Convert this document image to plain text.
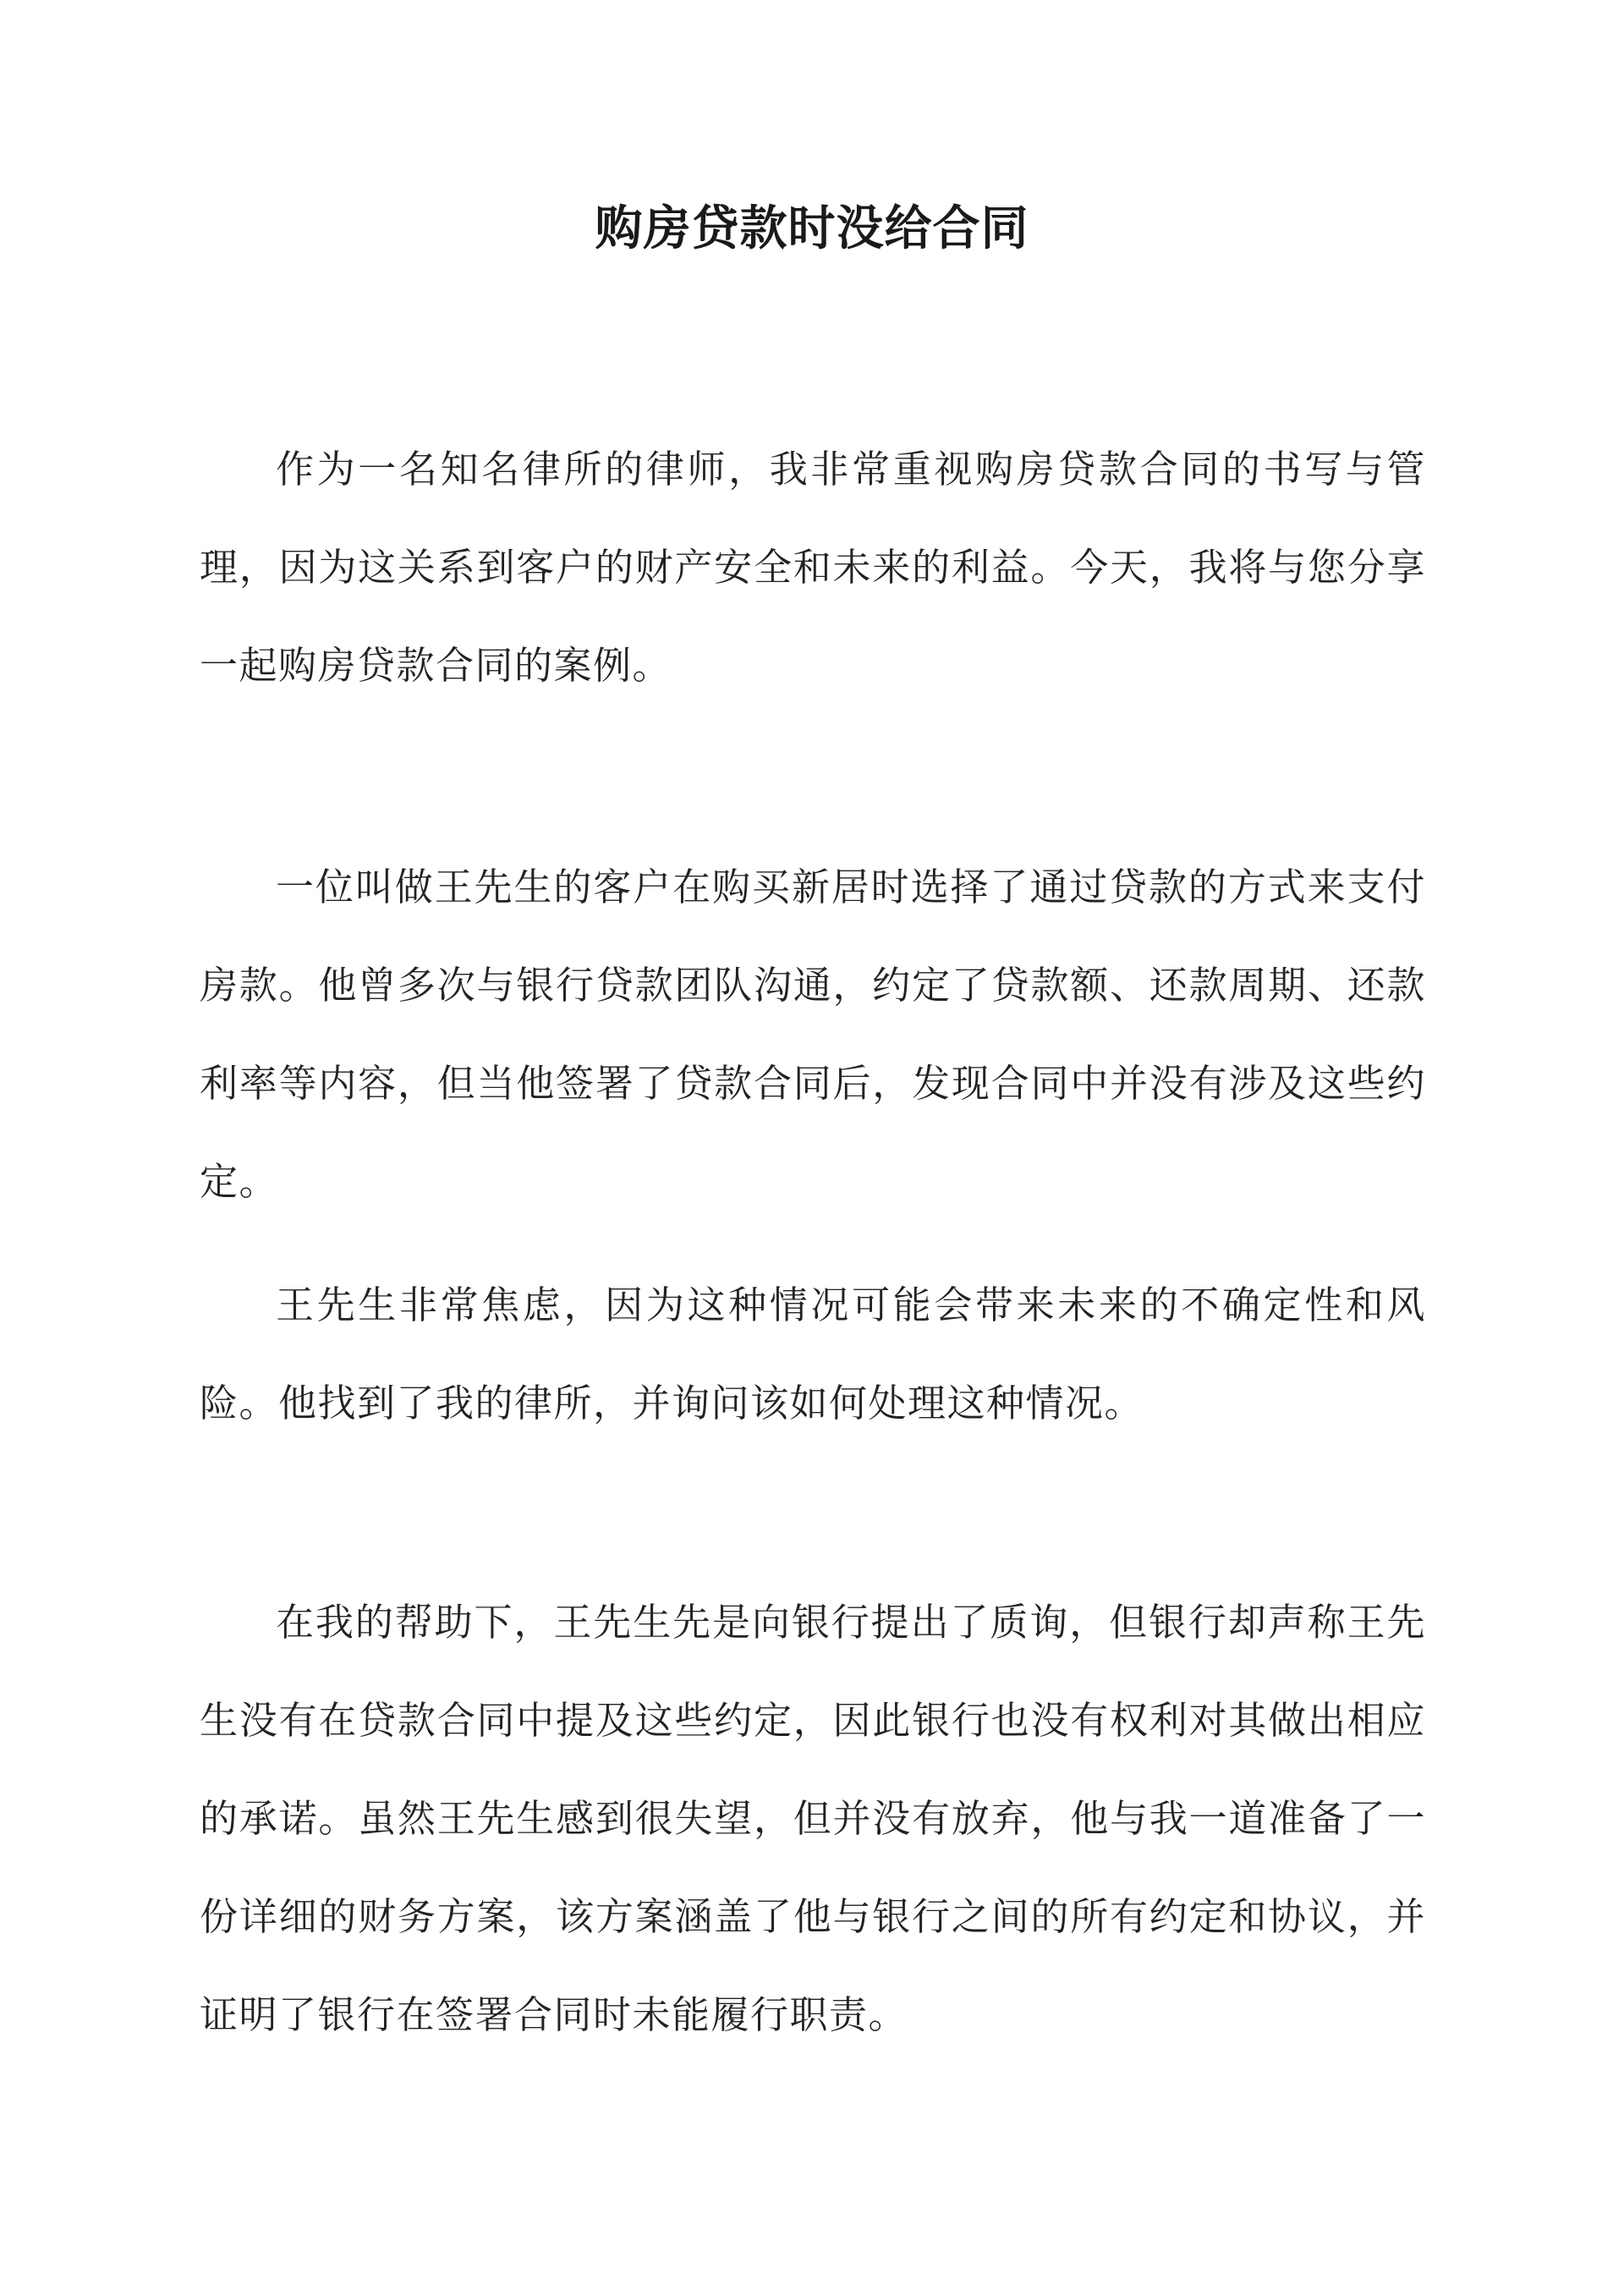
购房贷款时没给合同

作为一名知名律所的律师，我非常重视购房贷款合同的书写与管理，因为这关系到客户的财产安全和未来的利益。今天，我将与您分享一起购房贷款合同的案例。

一位叫做王先生的客户在购买新居时选择了通过贷款的方式来支付房款。他曾多次与银行贷款团队沟通，约定了贷款额、还款周期、还款利率等内容，但当他签署了贷款合同后，发现合同中并没有涉及这些约定。

王先生非常焦虑，因为这种情况可能会带来未来的不确定性和风险。他找到了我的律所，并询问该如何处理这种情况。

在我的帮助下，王先生先是向银行提出了质询，但银行却声称王先生没有在贷款合同中提及这些约定，因此银行也没有权利对其做出相应的承诺。虽然王先生感到很失望，但并没有放弃，他与我一道准备了一份详细的财务方案，该方案涵盖了他与银行之间的所有约定和协议，并证明了银行在签署合同时未能履行职责。
